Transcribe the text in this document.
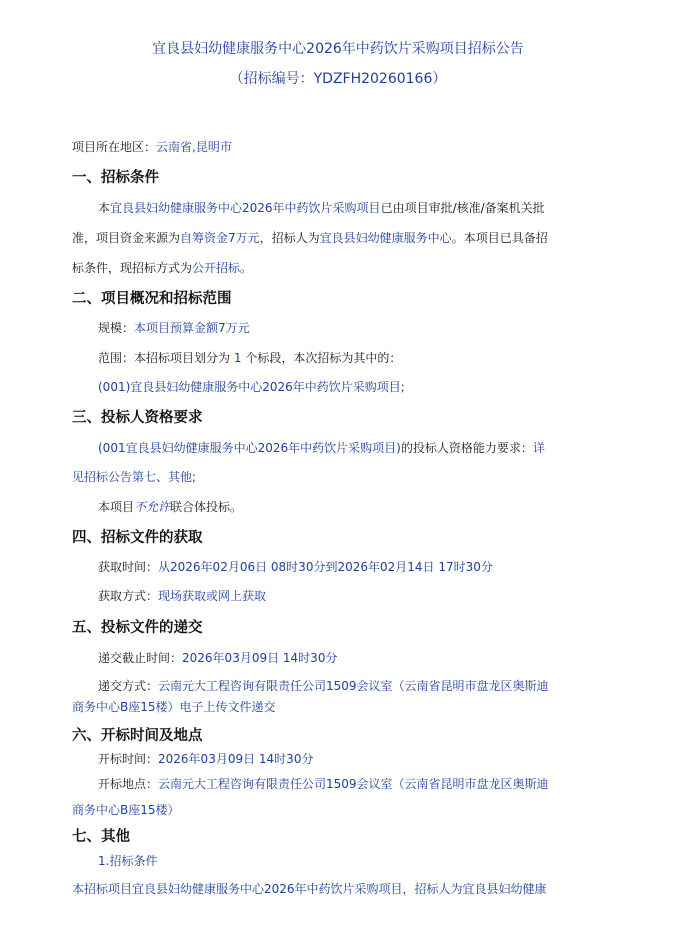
宜良县妇幼健康服务中心2026年中药饮片采购项目招标公告
（招标编号：YDZFH20260166）
项目所在地区：云南省,昆明市
一、招标条件
本宜良县妇幼健康服务中心2026年中药饮片采购项目已由项目审批/核准/备案机关批
准，项目资金来源为自筹资金7万元，招标人为宜良县妇幼健康服务中心。本项目已具备招
标条件，现招标方式为公开招标。
二、项目概况和招标范围
规模：本项目预算金额7万元
范围：本招标项目划分为 1 个标段，本次招标为其中的：
(001)宜良县妇幼健康服务中心2026年中药饮片采购项目;
三、投标人资格要求
(001宜良县妇幼健康服务中心2026年中药饮片采购项目)的投标人资格能力要求：详
见招标公告第七、其他;
本项目不允许联合体投标。
四、招标文件的获取
获取时间：从2026年02月06日 08时30分到2026年02月14日 17时30分
获取方式：现场获取或网上获取
五、投标文件的递交
递交截止时间：2026年03月09日 14时30分
递交方式：云南元大工程咨询有限责任公司1509会议室（云南省昆明市盘龙区奥斯迪
商务中心B座15楼）电子上传文件递交
六、开标时间及地点
开标时间：2026年03月09日 14时30分
开标地点：云南元大工程咨询有限责任公司1509会议室（云南省昆明市盘龙区奥斯迪
商务中心B座15楼）
七、其他
1.招标条件
本招标项目宜良县妇幼健康服务中心2026年中药饮片采购项目，招标人为宜良县妇幼健康
